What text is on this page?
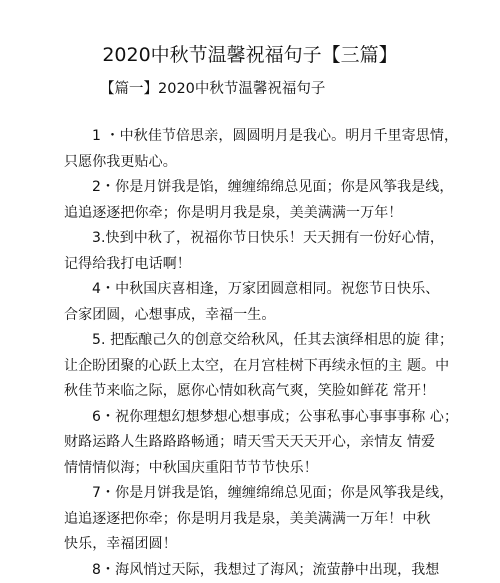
2020中秋节温馨祝福句子【三篇】
【篇一】2020中秋节温馨祝福句子

1 ・中秋佳节倍思亲，圆圆明月是我心。明月千里寄思情，
只愿你我更贴心。

2・你是月饼我是馅，缠缠绵绵总见面；你是风筝我是线，
追追逐逐把你牵；你是明月我是泉，美美满满一万年！

3.快到中秋了，祝福你节日快乐！天天拥有一份好心情，
记得给我打电话啊！

4・中秋国庆喜相逢，万家团圆意相同。祝您节日快乐、
合家团圆，心想事成，幸福一生。

5. 把酝酿己久的创意交给秋风，任其去演绎相思的旋 律；
让企盼团聚的心跃上太空，在月宫桂树下再续永恒的主 题。中
秋佳节来临之际，愿你心情如秋高气爽，笑脸如鲜花 常开！

6・祝你理想幻想梦想心想事成；公事私事心事事事称 心；
财路运路人生路路路畅通；晴天雪天天天开心，亲情友 情爱
情情情似海；中秋国庆重阳节节节快乐！

7・你是月饼我是馅，缠缠绵绵总见面；你是风筝我是线，
追追逐逐把你牵；你是明月我是泉，美美满满一万年！中秋
快乐，幸福团圆！

8・海风悄过天际，我想过了海风；流萤静中出现，我想
